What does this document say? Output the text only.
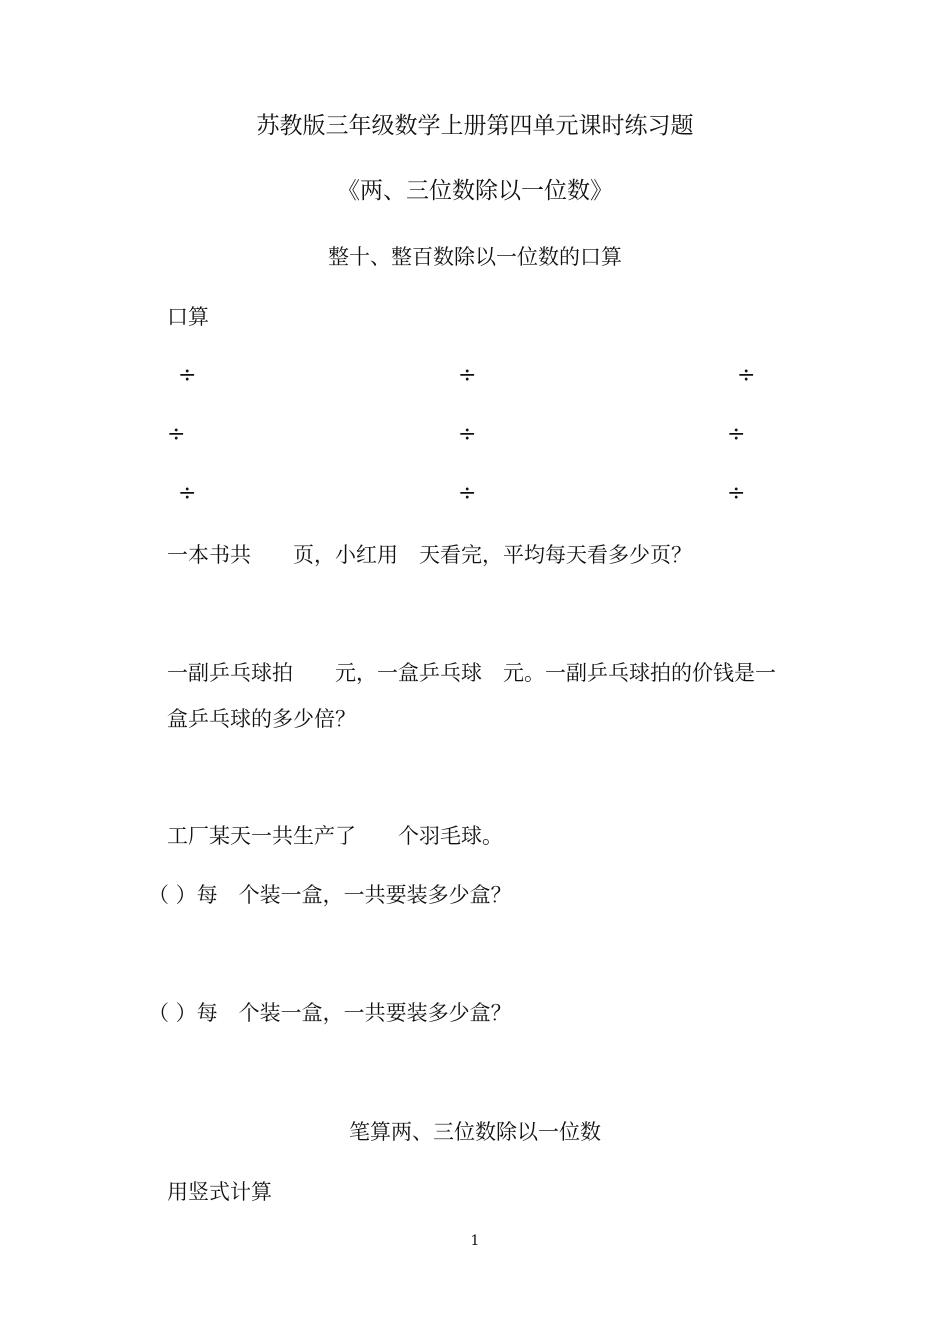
苏教版三年级数学上册第四单元课时练习题
《两、三位数除以一位数》
整十、整百数除以一位数的口算
口算
÷	÷	÷
÷	÷	÷
÷	÷	÷
一本书共　　页，小红用　天看完，平均每天看多少页？
一副乒乓球拍　　元，一盒乒乓球　元。一副乒乓球拍的价钱是一
盒乒乓球的多少倍？
工厂某天一共生产了　　个羽毛球。
（ ）每　个装一盒，一共要装多少盒？
（ ）每　个装一盒，一共要装多少盒？
笔算两、三位数除以一位数
用竖式计算
1
